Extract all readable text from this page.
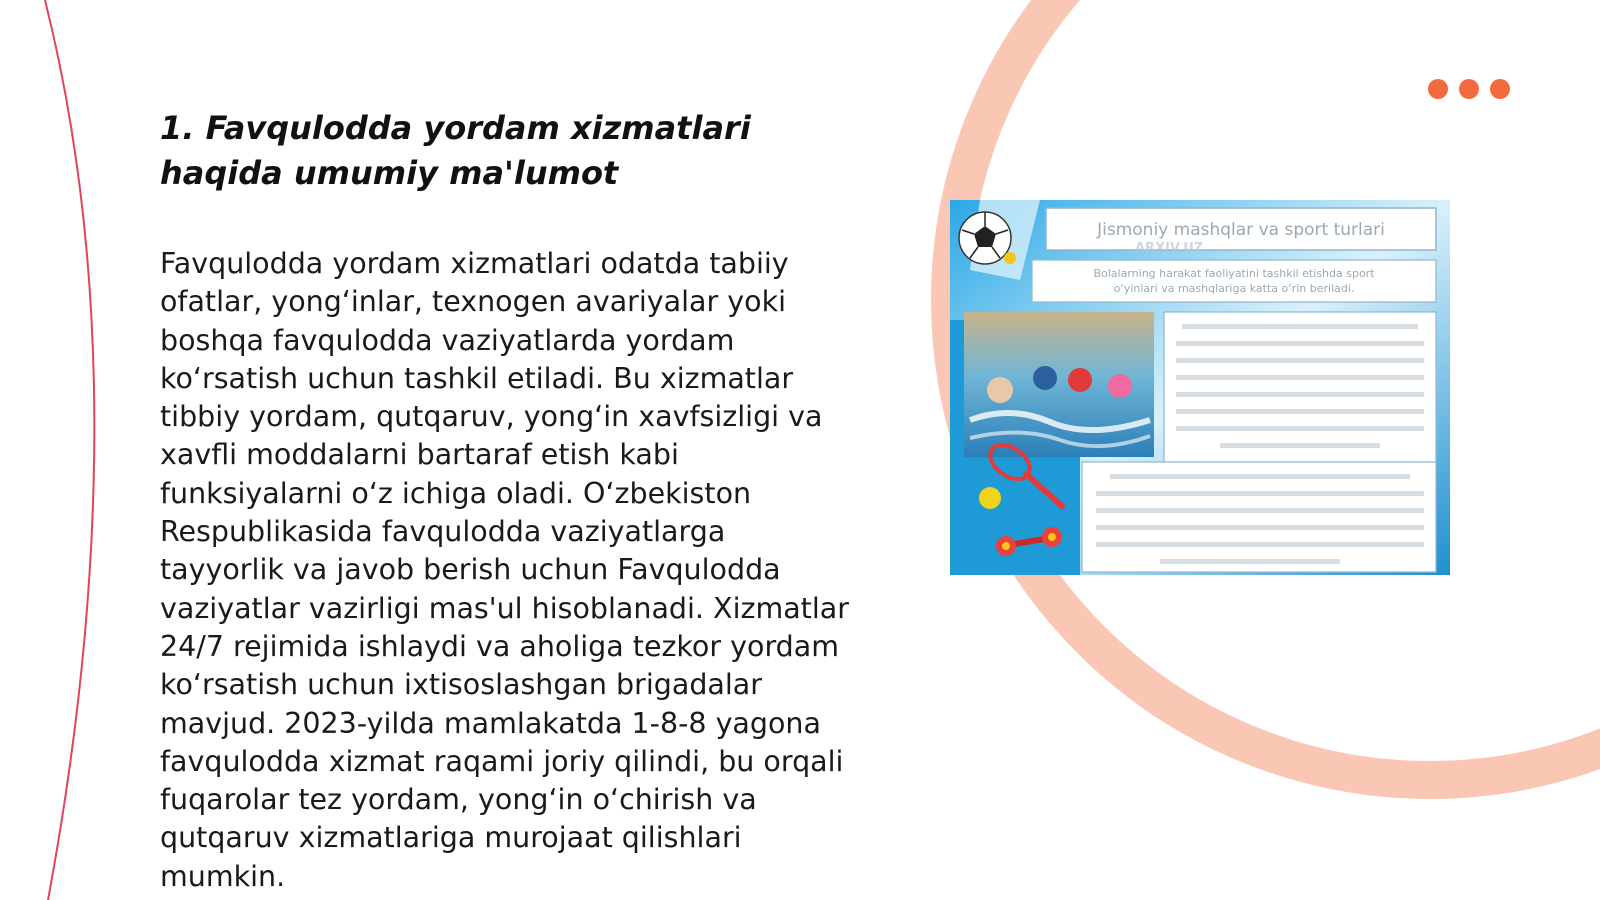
1. Favqulodda yordam xizmatlari
haqida umumiy ma'lumot

Favqulodda yordam xizmatlari odatda tabiiy ofatlar, yong‘inlar, texnogen avariyalar yoki boshqa favqulodda vaziyatlarda yordam ko‘rsatish uchun tashkil etiladi. Bu xizmatlar tibbiy yordam, qutqaruv, yong‘in xavfsizligi va xavfli moddalarni bartaraf etish kabi funksiyalarni o‘z ichiga oladi. O‘zbekiston Respublikasida favqulodda vaziyatlarga tayyorlik va javob berish uchun Favqulodda vaziyatlar vazirligi mas'ul hisoblanadi. Xizmatlar 24/7 rejimida ishlaydi va aholiga tezkor yordam ko‘rsatish uchun ixtisoslashgan brigadalar mavjud. 2023-yilda mamlakatda 1-8-8 yagona favqulodda xizmat raqami joriy qilindi, bu orqali fuqarolar tez yordam, yong‘in o‘chirish va qutqaruv xizmatlariga murojaat qilishlari mumkin.

Jismoniy mashqlar va sport turlari
ARXIV.UZ
Bolalarning harakat faoliyatini tashkil etishda sport
o‘yinlari va mashqlariga katta o‘rin beriladi.
